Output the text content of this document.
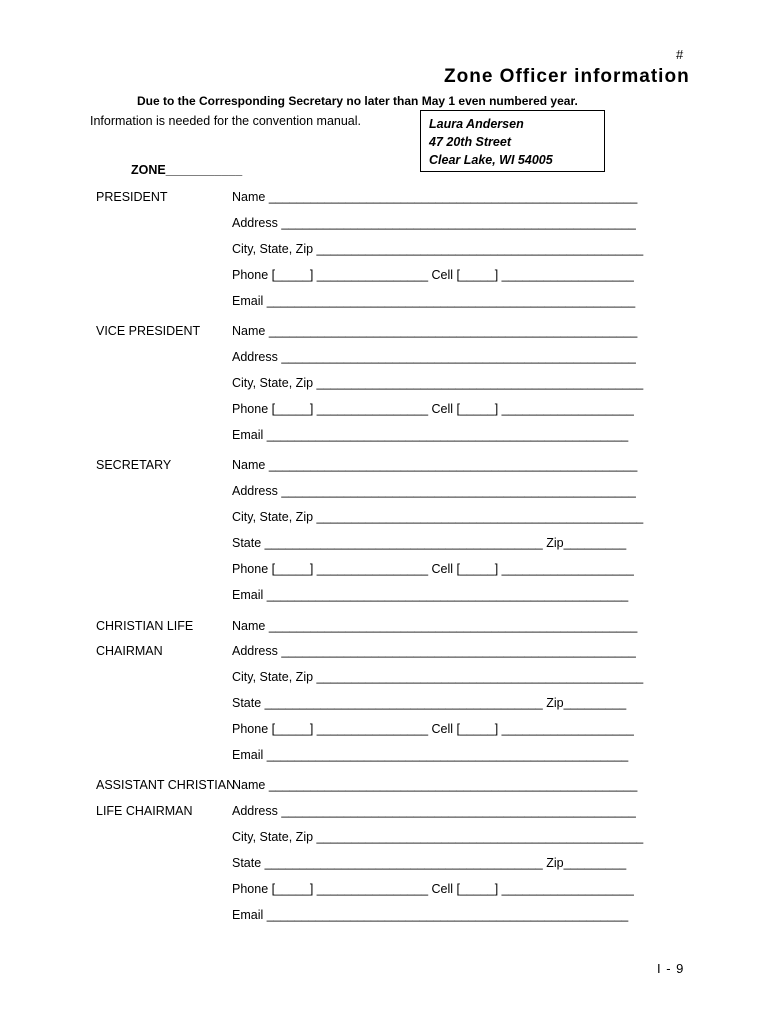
#
Zone Officer information
Due to the Corresponding Secretary no later than May 1 even numbered year.
Information is needed for the convention manual.	Laura Andersen
47 20th Street
Clear Lake, WI 54005
ZONE___________
PRESIDENT	Name _____________________________________________________
Address ___________________________________________________
City, State, Zip _______________________________________________
Phone [_____] ________________ Cell [_____] ___________________
Email _____________________________________________________
VICE PRESIDENT	Name _____________________________________________________
Address ___________________________________________________
City, State, Zip _______________________________________________
Phone [_____] ________________ Cell [_____] ___________________
Email ____________________________________________________
SECRETARY	Name _____________________________________________________
Address ___________________________________________________
City, State, Zip _______________________________________________
State ________________________________________ Zip_________
Phone [_____] ________________ Cell [_____] ___________________
Email ____________________________________________________
CHRISTIAN LIFE
CHAIRMAN
Name _____________________________________________________
Address ___________________________________________________
City, State, Zip _______________________________________________
State ________________________________________ Zip_________
Phone [_____] ________________ Cell [_____] ___________________
Email ____________________________________________________
ASSISTANT CHRISTIAN
LIFE CHAIRMAN
Name _____________________________________________________
Address ___________________________________________________
City, State, Zip _______________________________________________
State ________________________________________ Zip_________
Phone [_____] ________________ Cell [_____] ___________________
Email ____________________________________________________
I - 9
